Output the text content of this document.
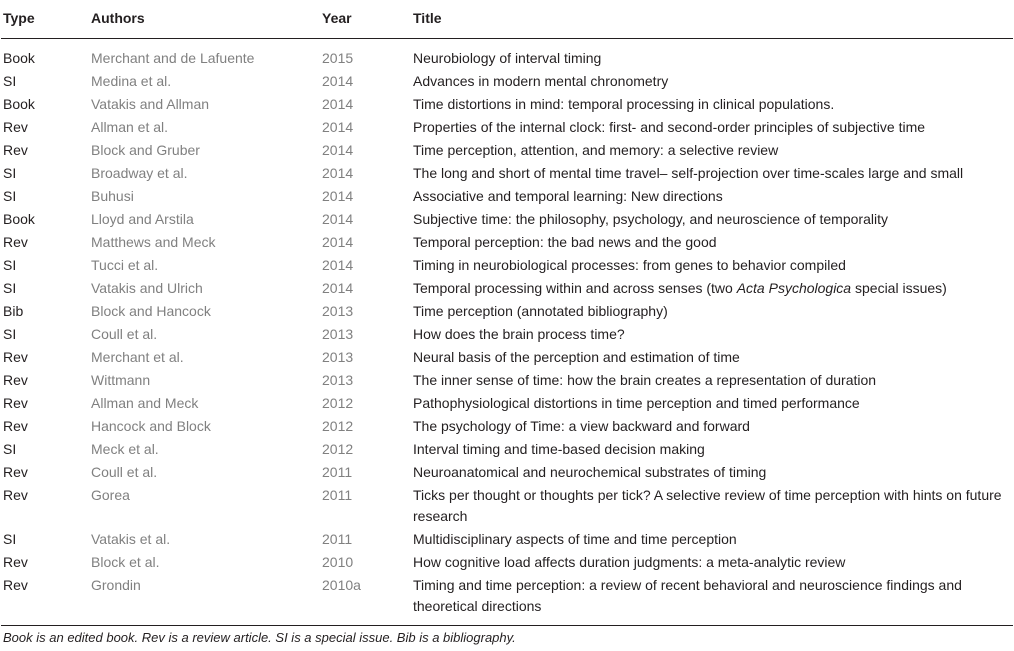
Type	Authors	Year	Title
Book	Merchant and de Lafuente	2015	Neurobiology of interval timing
SI	Medina et al.	2014	Advances in modern mental chronometry
Book	Vatakis and Allman	2014	Time distortions in mind: temporal processing in clinical populations.
Rev	Allman et al.	2014	Properties of the internal clock: first- and second-order principles of subjective time
Rev	Block and Gruber	2014	Time perception, attention, and memory: a selective review
SI	Broadway et al.	2014	The long and short of mental time travel– self-projection over time-scales large and small
SI	Buhusi	2014	Associative and temporal learning: New directions
Book	Lloyd and Arstila	2014	Subjective time: the philosophy, psychology, and neuroscience of temporality
Rev	Matthews and Meck	2014	Temporal perception: the bad news and the good
SI	Tucci et al.	2014	Timing in neurobiological processes: from genes to behavior compiled
SI	Vatakis and Ulrich	2014	Temporal processing within and across senses (two Acta Psychologica special issues)
Bib	Block and Hancock	2013	Time perception (annotated bibliography)
SI	Coull et al.	2013	How does the brain process time?
Rev	Merchant et al.	2013	Neural basis of the perception and estimation of time
Rev	Wittmann	2013	The inner sense of time: how the brain creates a representation of duration
Rev	Allman and Meck	2012	Pathophysiological distortions in time perception and timed performance
Rev	Hancock and Block	2012	The psychology of Time: a view backward and forward
SI	Meck et al.	2012	Interval timing and time-based decision making
Rev	Coull et al.	2011	Neuroanatomical and neurochemical substrates of timing
Rev	Gorea	2011	Ticks per thought or thoughts per tick? A selective review of time perception with hints on future research
SI	Vatakis et al.	2011	Multidisciplinary aspects of time and time perception
Rev	Block et al.	2010	How cognitive load affects duration judgments: a meta-analytic review
Rev	Grondin	2010a	Timing and time perception: a review of recent behavioral and neuroscience findings and theoretical directions
Book is an edited book. Rev is a review article. SI is a special issue. Bib is a bibliography.
